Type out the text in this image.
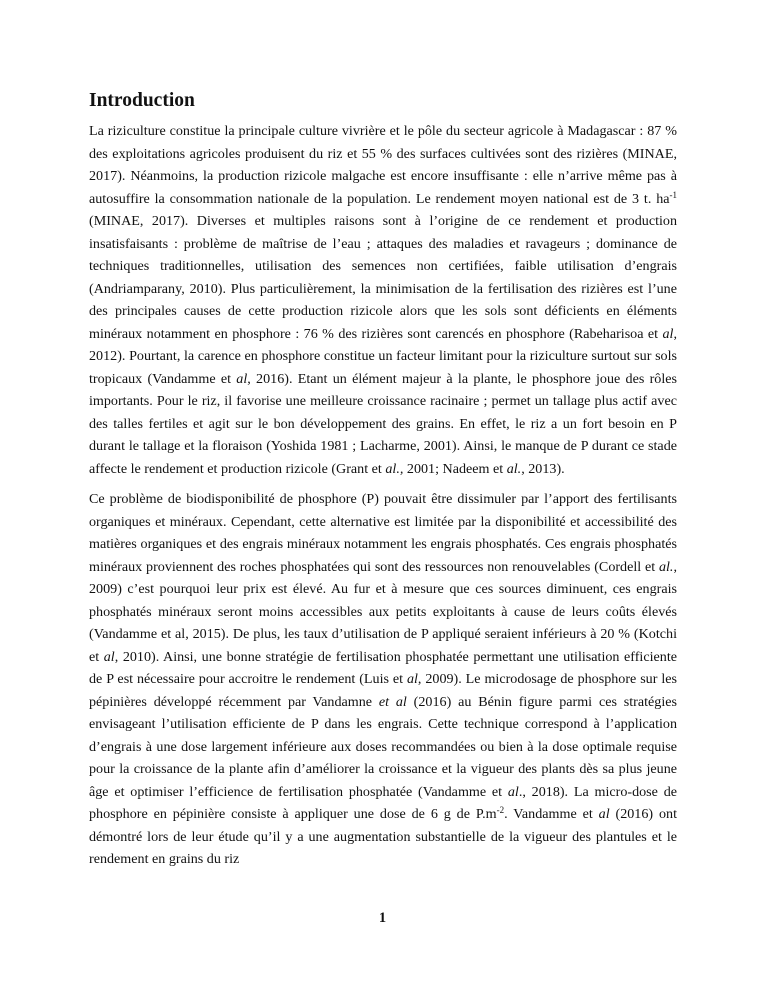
Introduction

La riziculture constitue la principale culture vivrière et le pôle du secteur agricole à Madagascar : 87 % des exploitations agricoles produisent du riz et 55 % des surfaces cultivées sont des rizières (MINAE, 2017). Néanmoins, la production rizicole malgache est encore insuffisante : elle n’arrive même pas à autosuffire la consommation nationale de la population. Le rendement moyen national est de 3 t. $ha^{-1}$ (MINAE, 2017). Diverses et multiples raisons sont à l’origine de ce rendement et production insatisfaisants : problème de maîtrise de l’eau ; attaques des maladies et ravageurs ; dominance de techniques traditionnelles, utilisation des semences non certifiées, faible utilisation d’engrais (Andriamparany, 2010). Plus particulièrement, la minimisation de la fertilisation des rizières est l’une des principales causes de cette production rizicole alors que les sols sont déficients en éléments minéraux notamment en phosphore : 76 % des rizières sont carencés en phosphore (Rabeharisoa et al, 2012). Pourtant, la carence en phosphore constitue un facteur limitant pour la riziculture surtout sur sols tropicaux (Vandamme et al, 2016). Etant un élément majeur à la plante, le phosphore joue des rôles importants. Pour le riz, il favorise une meilleure croissance racinaire ; permet un tallage plus actif avec des talles fertiles et agit sur le bon développement des grains. En effet, le riz a un fort besoin en P durant le tallage et la floraison (Yoshida 1981 ; Lacharme, 2001). Ainsi, le manque de P durant ce stade affecte le rendement et production rizicole (Grant et al., 2001; Nadeem et al., 2013).

Ce problème de biodisponibilité de phosphore (P) pouvait être dissimuler par l’apport des fertilisants organiques et minéraux. Cependant, cette alternative est limitée par la disponibilité et accessibilité des matières organiques et des engrais minéraux notamment les engrais phosphatés. Ces engrais phosphatés minéraux proviennent des roches phosphatées qui sont des ressources non renouvelables (Cordell et al., 2009) c’est pourquoi leur prix est élevé. Au fur et à mesure que ces sources diminuent, ces engrais phosphatés minéraux seront moins accessibles aux petits exploitants à cause de leurs coûts élevés (Vandamme et al, 2015). De plus, les taux d’utilisation de P appliqué seraient inférieurs à 20 % (Kotchi et al, 2010). Ainsi, une bonne stratégie de fertilisation phosphatée permettant une utilisation efficiente de P est nécessaire pour accroitre le rendement (Luis et al, 2009). Le microdosage de phosphore sur les pépinières développé récemment par Vandamne et al (2016) au Bénin figure parmi ces stratégies envisageant l’utilisation efficiente de P dans les engrais. Cette technique correspond à l’application d’engrais à une dose largement inférieure aux doses recommandées ou bien à la dose optimale requise pour la croissance de la plante afin d’améliorer la croissance et la vigueur des plants dès sa plus jeune âge et optimiser l’efficience de fertilisation phosphatée (Vandamme et al., 2018). La micro-dose de phosphore en pépinière consiste à appliquer une dose de 6 g de $P.m^{-2}$. Vandamme et al (2016) ont démontré lors de leur étude qu’il y a une augmentation substantielle de la vigueur des plantules et le rendement en grains du riz

1
